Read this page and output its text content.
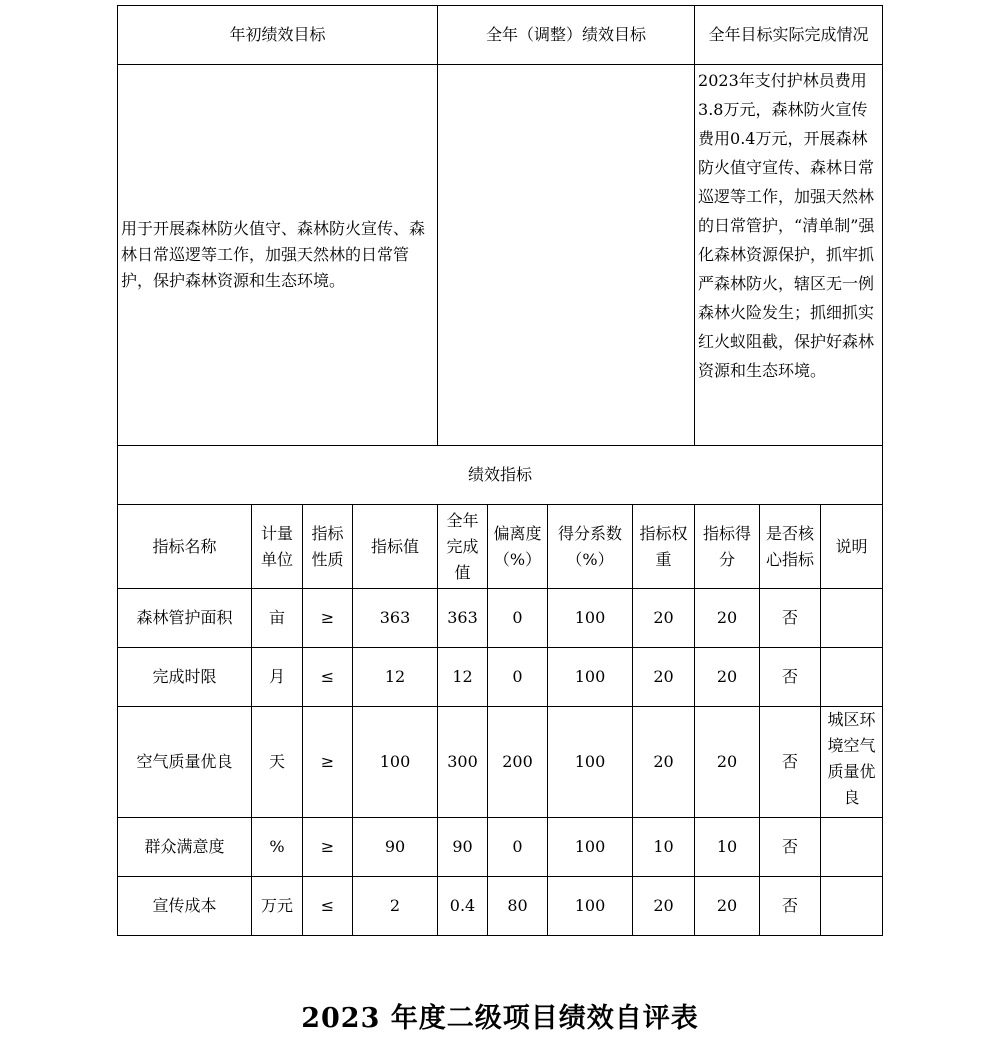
年初绩效目标				全年（调整）绩效目标				全年目标实际完成情况		
用于开展森林防火值守、森林防火宣传、森林日常巡逻等工作，加强天然林的日常管护，保护森林资源和生态环境。								2023年支付护林员费用3.8万元，森林防火宣传费用0.4万元，开展森林防火值守宣传、森林日常巡逻等工作，加强天然林的日常管护，“清单制”强化森林资源保护，抓牢抓严森林防火，辖区无一例森林火险发生；抓细抓实红火蚁阻截，保护好森林资源和生态环境。		
绩效指标										
指标名称	计量单位	指标性质	指标值	全年完成值	偏离度（%）	得分系数（%）	指标权重	指标得分	是否核心指标	说明
森林管护面积	亩	≥	363	363	0	100	20	20	否	
完成时限	月	≤	12	12	0	100	20	20	否	
空气质量优良	天	≥	100	300	200	100	20	20	否	城区环境空气质量优良
群众满意度	%	≥	90	90	0	100	10	10	否	
宣传成本	万元	≤	2	0.4	80	100	20	20	否	
2023 年度二级项目绩效自评表
